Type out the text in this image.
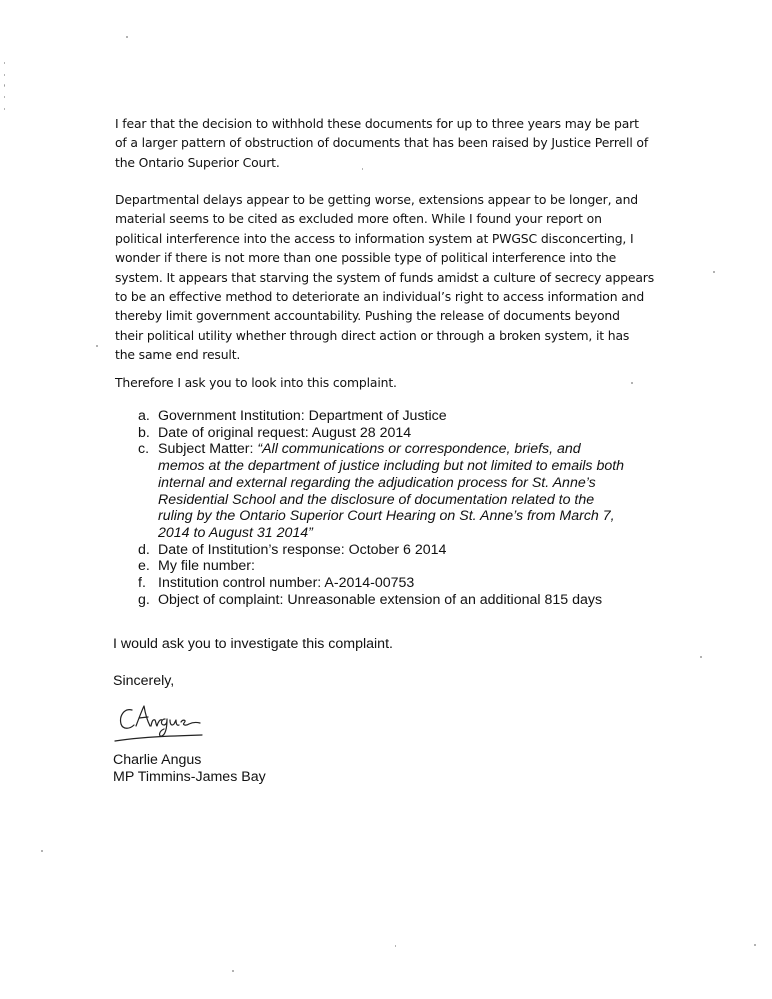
I fear that the decision to withhold these documents for up to three years may be part
of a larger pattern of obstruction of documents that has been raised by Justice Perrell of
the Ontario Superior Court.
Departmental delays appear to be getting worse, extensions appear to be longer, and
material seems to be cited as excluded more often. While I found your report on
political interference into the access to information system at PWGSC disconcerting, I
wonder if there is not more than one possible type of political interference into the
system. It appears that starving the system of funds amidst a culture of secrecy appears
to be an effective method to deteriorate an individual’s right to access information and
thereby limit government accountability. Pushing the release of documents beyond
their political utility whether through direct action or through a broken system, it has
the same end result.
Therefore I ask you to look into this complaint.
a. Government Institution: Department of Justice
b. Date of original request: August 28 2014
c. Subject Matter: “All communications or correspondence, briefs, and
memos at the department of justice including but not limited to emails both
internal and external regarding the adjudication process for St. Anne’s
Residential School and the disclosure of documentation related to the
ruling by the Ontario Superior Court Hearing on St. Anne’s from March 7,
2014 to August 31 2014”
d. Date of Institution’s response: October 6 2014
e. My file number:
f. Institution control number: A-2014-00753
g. Object of complaint: Unreasonable extension of an additional 815 days
I would ask you to investigate this complaint.
Sincerely,
Charlie Angus
MP Timmins-James Bay
